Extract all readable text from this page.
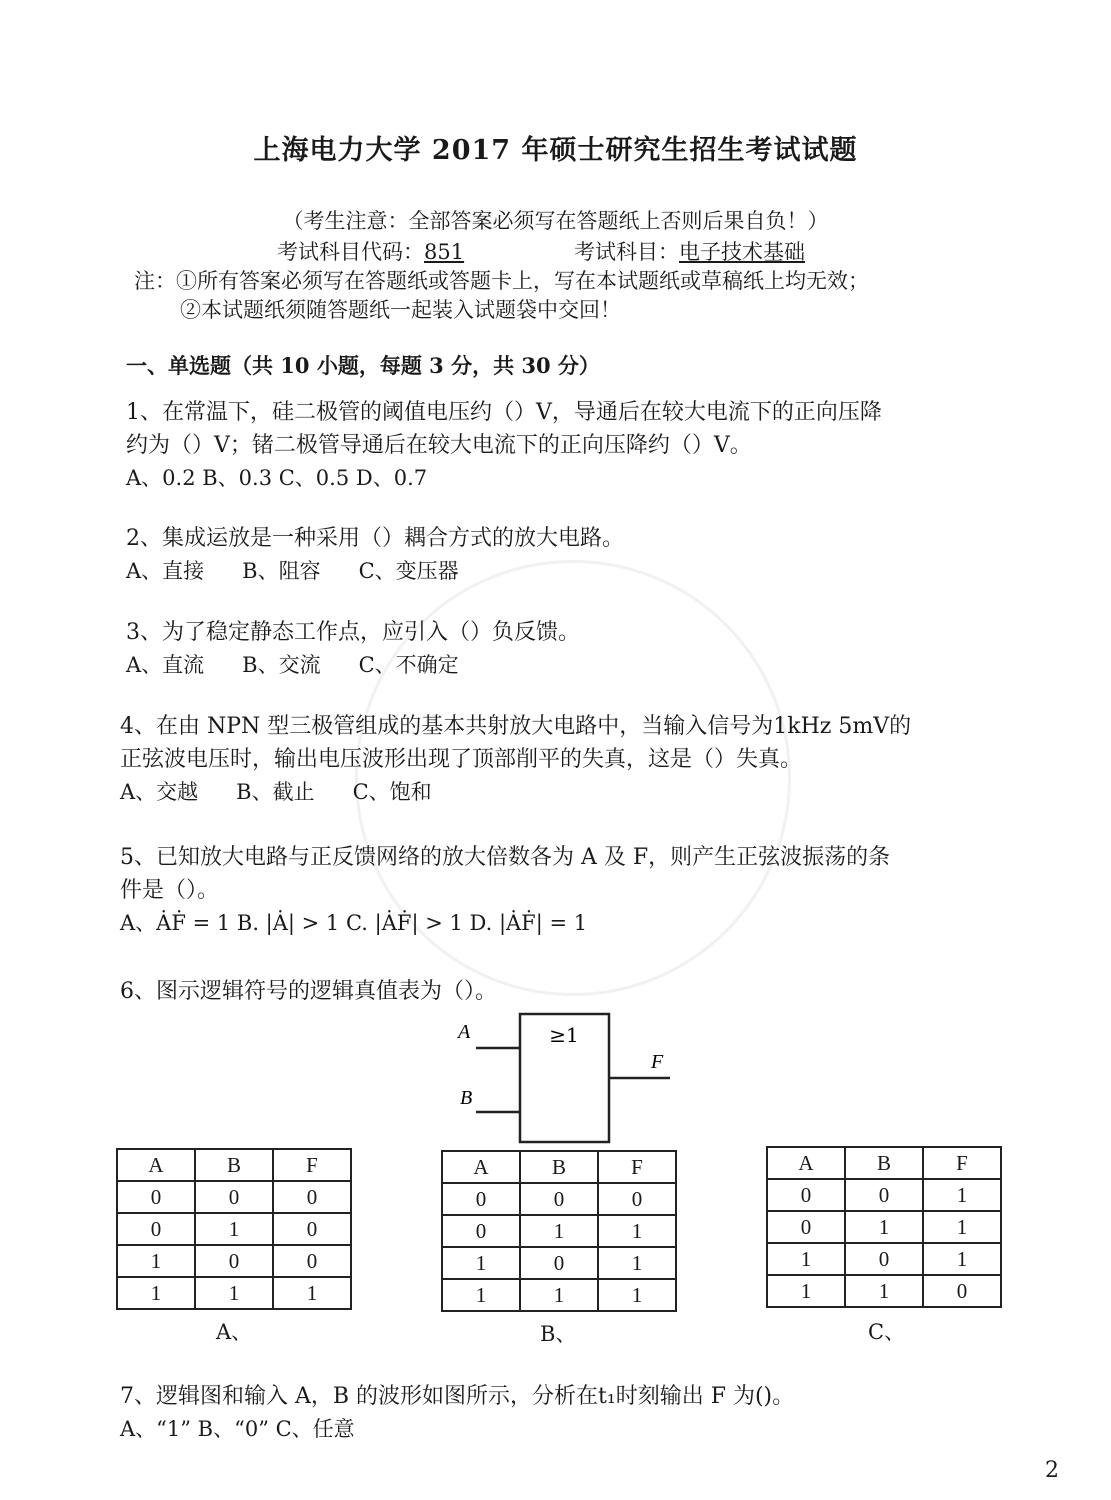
上海电力大学 2017 年硕士研究生招生考试试题
（考生注意：全部答案必须写在答题纸上否则后果自负！）
考试科目代码：851	考试科目：电子技术基础
注：①所有答案必须写在答题纸或答题卡上，写在本试题纸或草稿纸上均无效；
②本试题纸须随答题纸一起装入试题袋中交回！
一、单选题（共 10 小题，每题 3 分，共 30 分）
1、在常温下，硅二极管的阈值电压约（）V，导通后在较大电流下的正向压降
约为（）V；锗二极管导通后在较大电流下的正向压降约（）V。
A、0.2 B、0.3 C、0.5 D、0.7
2、集成运放是一种采用（）耦合方式的放大电路。
A、直接 B、阻容 C、变压器
3、为了稳定静态工作点，应引入（）负反馈。
A、直流 B、交流 C、不确定
4、在由 NPN 型三极管组成的基本共射放大电路中，当输入信号为1kHz 5mV的
正弦波电压时，输出电压波形出现了顶部削平的失真，这是（）失真。
A、交越 B、截止 C、饱和
5、已知放大电路与正反馈网络的放大倍数各为 A 及 F，则产生正弦波振荡的条
件是（）。
A、ȦḞ = 1 B. |Ȧ| > 1 C. |ȦḞ| > 1 D. |ȦḞ| = 1
6、图示逻辑符号的逻辑真值表为（）。
≥1
A
B
F
A	B	F
0	0	0
0	1	0
1	0	0
1	1	1
A、
A	B	F
0	0	0
0	1	1
1	0	1
1	1	1
B、
A	B	F
0	0	1
0	1	1
1	0	1
1	1	0
C、
7、逻辑图和输入 A，B 的波形如图所示，分析在t₁时刻输出 F 为()。
A、“1” B、“0” C、任意
2
